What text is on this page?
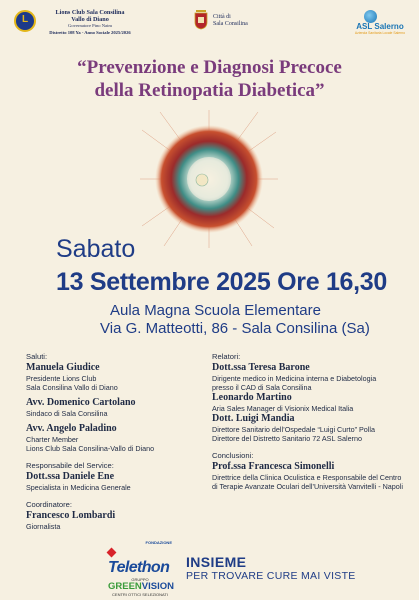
L
Lions Club Sala Consilina
Vallo di Diano
Governatore Pino Naim
Distretto 108 Ya - Anno Sociale 2025/2026
Città di
Sala Consilina	ASL Salerno
Azienda Sanitaria Locale Salerno
“Prevenzione e Diagnosi Precoce
della Retinopatia Diabetica”
Sabato
13 Settembre 2025 Ore 16,30
Aula Magna Scuola Elementare
Via G. Matteotti, 86 - Sala Consilina (Sa)
Saluti:
Manuela Giudice
Presidente Lions Club
Sala Consilina Vallo di Diano
Avv. Domenico Cartolano
Sindaco di Sala Consilina
Avv. Angelo Paladino
Charter Member
Lions Club Sala Consilina-Vallo di Diano
Responsabile del Service:
Dott.ssa Daniele Ene
Specialista in Medicina Generale
Coordinatore:
Francesco Lombardi
Giornalista
Relatori:
Dott.ssa Teresa Barone
Dirigente medico in Medicina interna e Diabetologia
presso il CAD di Sala Consilina
Leonardo Martino
Aria Sales Manager di Visionix Medical Italia
Dott. Luigi Mandia
Direttore Sanitario dell’Ospedale “Luigi Curto” Polla
Direttore del Distretto Sanitario 72 ASL Salerno
Conclusioni:
Prof.ssa Francesca Simonelli
Direttrice della Clinica Oculistica e Responsabile del Centro
di Terapie Avanzate Oculari dell’Università Vanvitelli - Napoli
FONDAZIONE
Telethon
GRUPPO
GREENVISION
CENTRI OTTICI SELEZIONATI
INSIEME
PER TROVARE CURE MAI VISTE
